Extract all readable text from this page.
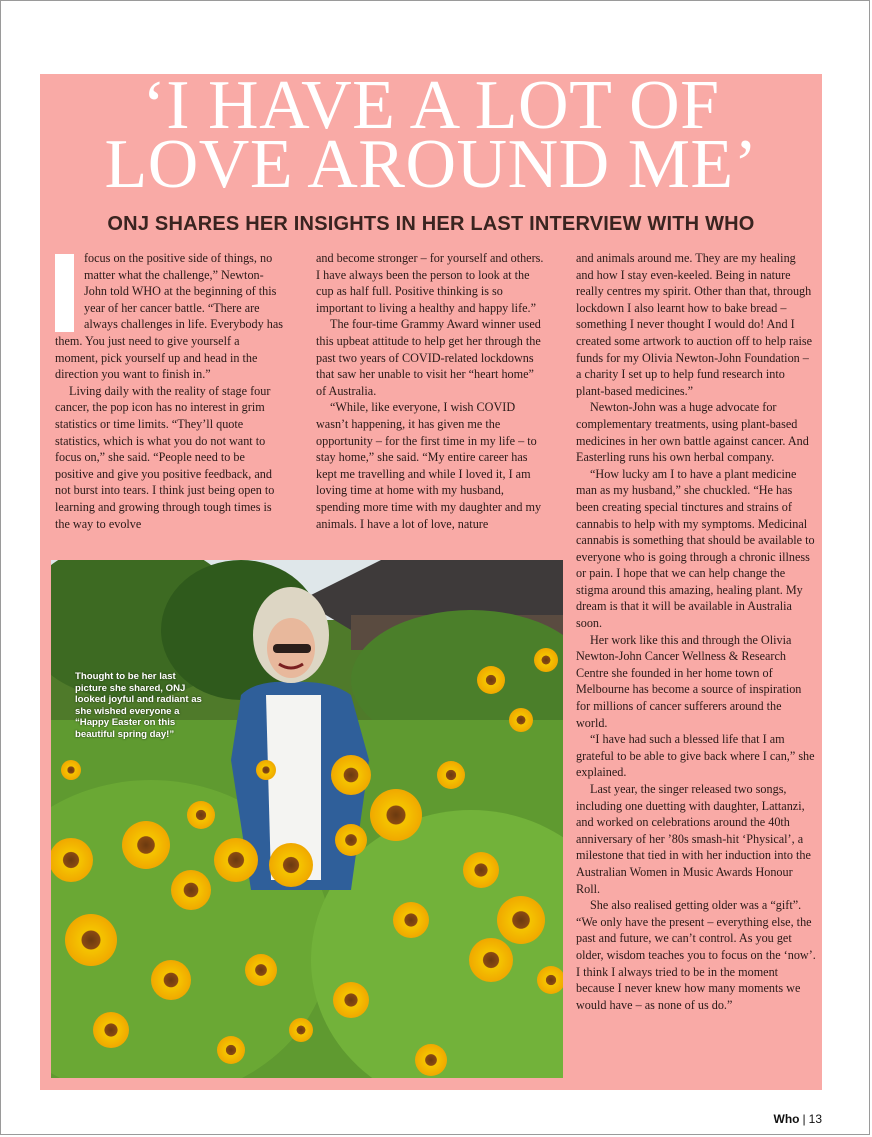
‘I HAVE A LOT OF
LOVE AROUND ME’
ONJ SHARES HER INSIGHTS IN HER LAST INTERVIEW WITH WHO

focus on the positive side of things, no matter what the challenge,” Newton-John told WHO at the beginning of this year of her cancer battle. “There are always challenges in life. Everybody has them. You just need to give yourself a moment, pick yourself up and head in the direction you want to finish in.”

Living daily with the reality of stage four cancer, the pop icon has no interest in grim statistics or time limits. “They’ll quote statistics, which is what you do not want to focus on,” she said. “People need to be positive and give you positive feedback, and not burst into tears. I think just being open to learning and growing through tough times is the way to evolve

and become stronger – for yourself and others. I have always been the person to look at the cup as half full. Positive thinking is so important to living a healthy and happy life.”

The four-time Grammy Award winner used this upbeat attitude to help get her through the past two years of COVID-related lockdowns that saw her unable to visit her “heart home” of Australia.

“While, like everyone, I wish COVID wasn’t happening, it has given me the opportunity – for the first time in my life – to stay home,” she said. “My entire career has kept me travelling and while I loved it, I am loving time at home with my husband, spending more time with my daughter and my animals. I have a lot of love, nature

and animals around me. They are my healing and how I stay even-keeled. Being in nature really centres my spirit. Other than that, through lockdown I also learnt how to bake bread – something I never thought I would do! And I created some artwork to auction off to help raise funds for my Olivia Newton-John Foundation – a charity I set up to help fund research into plant-based medicines.”

Newton-John was a huge advocate for complementary treatments, using plant-based medicines in her own battle against cancer. And Easterling runs his own herbal company.

“How lucky am I to have a plant medicine man as my husband,” she chuckled. “He has been creating special tinctures and strains of cannabis to help with my symptoms. Medicinal cannabis is something that should be available to everyone who is going through a chronic illness or pain. I hope that we can help change the stigma around this amazing, healing plant. My dream is that it will be available in Australia soon.

Her work like this and through the Olivia Newton-John Cancer Wellness & Research Centre she founded in her home town of Melbourne has become a source of inspiration for millions of cancer sufferers around the world.

“I have had such a blessed life that I am grateful to be able to give back where I can,” she explained.

Last year, the singer released two songs, including one duetting with daughter, Lattanzi, and worked on celebrations around the 40th anniversary of her ’80s smash-hit ‘Physical’, a milestone that tied in with her induction into the Australian Women in Music Awards Honour Roll.

She also realised getting older was a “gift”. “We only have the present – everything else, the past and future, we can’t control. As you get older, wisdom teaches you to focus on the ‘now’. I think I always tried to be in the moment because I never knew how many moments we would have – as none of us do.”

Thought to be her last picture she shared, ONJ looked joyful and radiant as she wished everyone a “Happy Easter on this beautiful spring day!”
Who | 13
